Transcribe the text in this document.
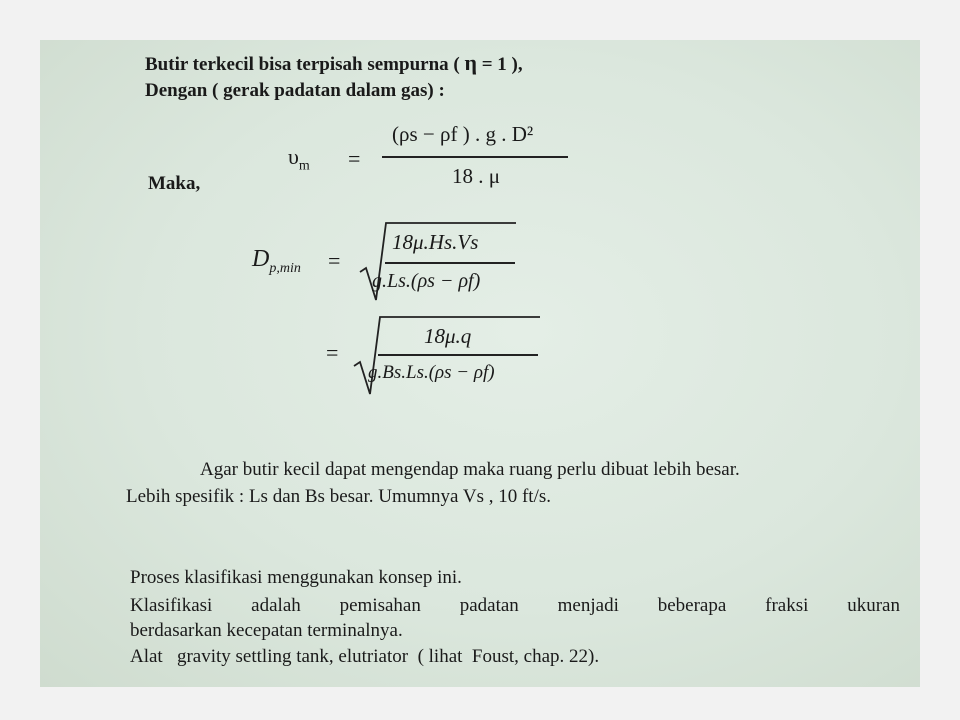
Butir terkecil bisa terpisah sempurna ( η = 1 ),
Dengan ( gerak padatan dalam gas) :
Maka,
$\upsilon_m$ =
(ρs − ρf ) . g . D²
18 . μ
$D_{p,min}$ =
18μ.Hs.Vs
g.Ls.(ρs − ρf)
=
18μ.q
g.Bs.Ls.(ρs − ρf)
Agar butir kecil dapat mengendap maka ruang perlu dibuat lebih besar.
Lebih spesifik : Ls dan Bs besar. Umumnya Vs , 10 ft/s.
Proses klasifikasi menggunakan konsep ini.
Klasifikasi adalah pemisahan padatan menjadi beberapa fraksi ukuran
berdasarkan kecepatan terminalnya.
Alat   gravity settling tank, elutriator  ( lihat  Foust, chap. 22).
